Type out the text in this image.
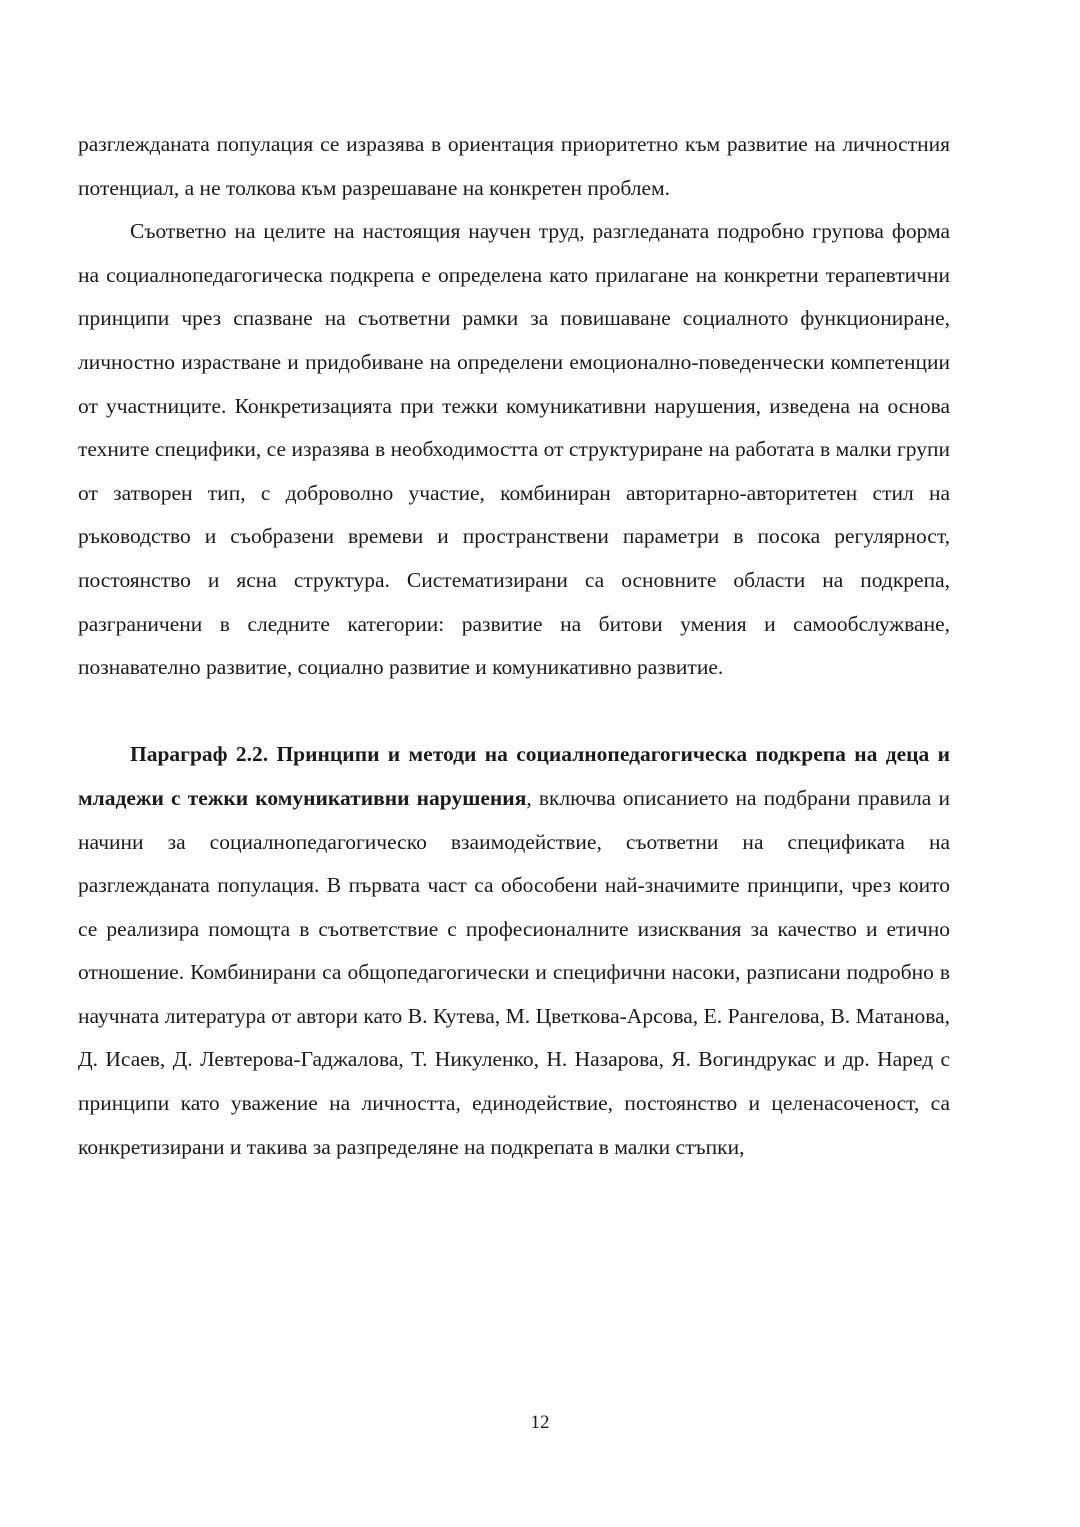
разглежданата популация се изразява в ориентация приоритетно към развитие на личностния потенциал, а не толкова към разрешаване на конкретен проблем.

Съответно на целите на настоящия научен труд, разгледаната подробно групова форма на социалнопедагогическа подкрепа е определена като прилагане на конкретни терапевтични принципи чрез спазване на съответни рамки за повишаване социалното функциониране, личностно израстване и придобиване на определени емоционално-поведенчески компетенции от участниците. Конкретизацията при тежки комуникативни нарушения, изведена на основа техните специфики, се изразява в необходимостта от структуриране на работата в малки групи от затворен тип, с доброволно участие, комбиниран авторитарно-авторитетен стил на ръководство и съобразени времеви и пространствени параметри в посока регулярност, постоянство и ясна структура. Систематизирани са основните области на подкрепа, разграничени в следните категории: развитие на битови умения и самообслужване, познавателно развитие, социално развитие и комуникативно развитие.

Параграф 2.2. Принципи и методи на социалнопедагогическа подкрепа на деца и младежи с тежки комуникативни нарушения, включва описанието на подбрани правила и начини за социалнопедагогическо взаимодействие, съответни на спецификата на разглежданата популация. В първата част са обособени най-значимите принципи, чрез които се реализира помощта в съответствие с професионалните изисквания за качество и етично отношение. Комбинирани са общопедагогически и специфични насоки, разписани подробно в научната литература от автори като В. Кутева, М. Цветкова-Арсова, Е. Рангелова, В. Матанова, Д. Исаев, Д. Левтерова-Гаджалова, Т. Никуленко, Н. Назарова, Я. Вогиндрукас и др. Наред с принципи като уважение на личността, единодействие, постоянство и целенасоченост, са конкретизирани и такива за разпределяне на подкрепата в малки стъпки,

12
